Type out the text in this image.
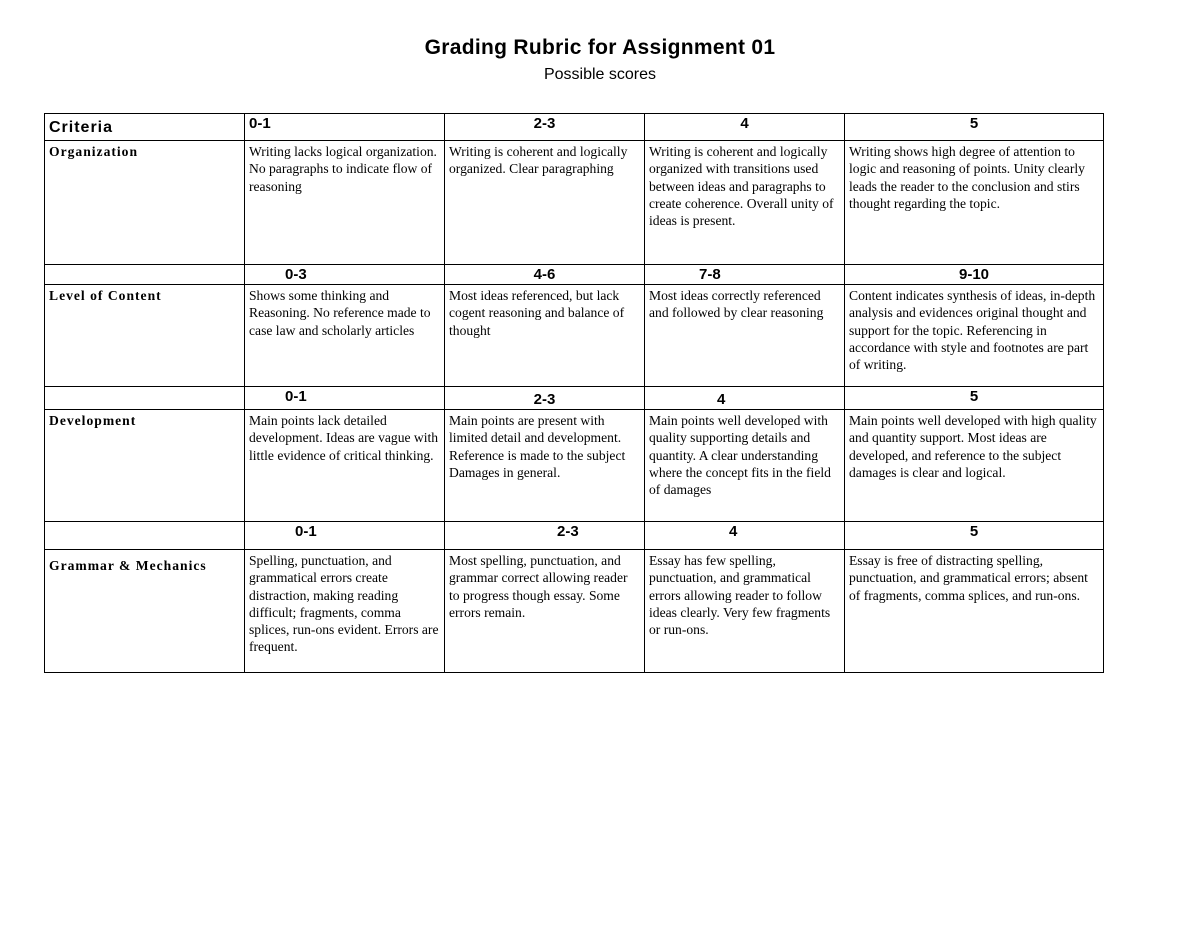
Grading Rubric for Assignment 01
Possible scores
Criteria	0-1	2-3	4	5
Organization	Writing lacks logical organization. No paragraphs to indicate flow of reasoning	Writing is coherent and logically organized. Clear paragraphing	Writing is coherent and logically organized with transitions used between ideas and paragraphs to create coherence. Overall unity of ideas is present.	Writing shows high degree of attention to logic and reasoning of points. Unity clearly leads the reader to the conclusion and stirs thought regarding the topic.
	0-3	4-6	7-8	9-10
Level of Content	Shows some thinking and Reasoning. No reference made to case law and scholarly articles	Most ideas referenced, but lack cogent reasoning and balance of thought	Most ideas correctly referenced and followed by clear reasoning	Content indicates synthesis of ideas, in-depth analysis and evidences original thought and support for the topic. Referencing in accordance with style and footnotes are part of writing.
	0-1	2-3	4	5
Development	Main points lack detailed development. Ideas are vague with little evidence of critical thinking.	Main points are present with limited detail and development. Reference is made to the subject Damages in general.	Main points well developed with quality supporting details and quantity. A clear understanding where the concept fits in the field of damages	Main points well developed with high quality and quantity support. Most ideas are developed, and reference to the subject damages is clear and logical.
	0-1	2-3	4	5
Grammar & Mechanics	Spelling, punctuation, and grammatical errors create distraction, making reading difficult; fragments, comma splices, run-ons evident. Errors are frequent.	Most spelling, punctuation, and grammar correct allowing reader to progress though essay. Some errors remain.	Essay has few spelling, punctuation, and grammatical errors allowing reader to follow ideas clearly. Very few fragments or run-ons.	Essay is free of distracting spelling, punctuation, and grammatical errors; absent of fragments, comma splices, and run-ons.
